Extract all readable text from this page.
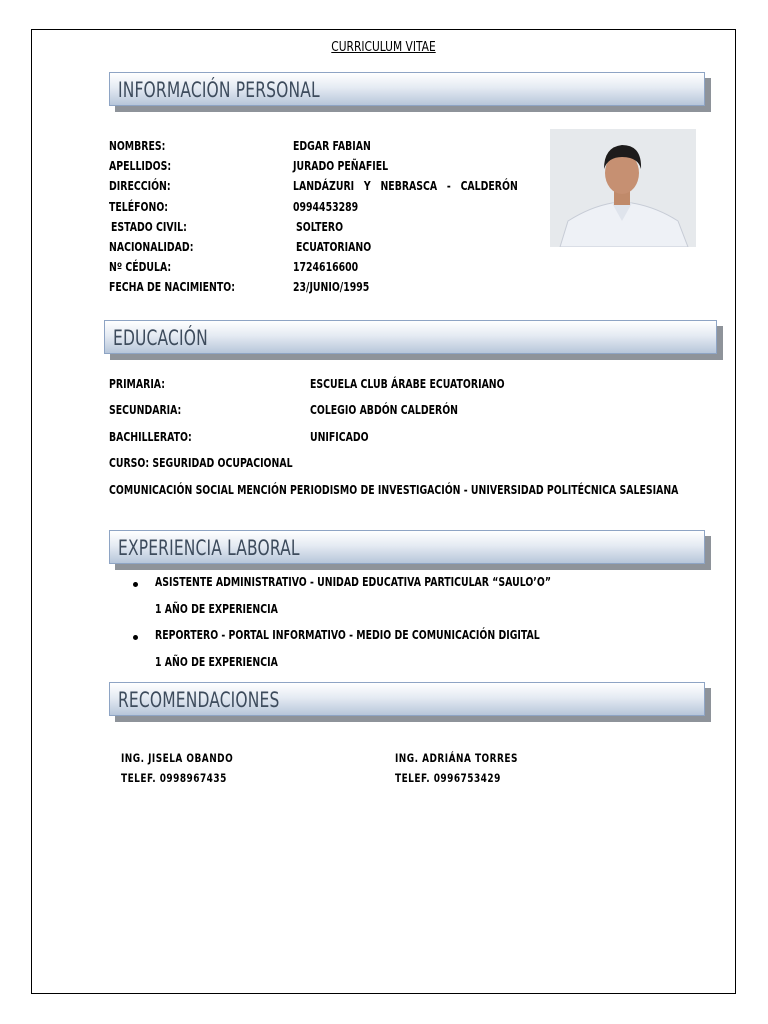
CURRICULUM VITAE
INFORMACIÓN PERSONAL
NOMBRES:	EDGAR FABIAN
APELLIDOS:	JURADO PEÑAFIEL
DIRECCIÓN:	LANDÁZURI   Y   NEBRASCA   -   CALDERÓN
TELÉFONO:	0994453289
ESTADO CIVIL:	SOLTERO
NACIONALIDAD:	ECUATORIANO
Nº CÉDULA:	1724616600
FECHA DE NACIMIENTO:	23/JUNIO/1995
EDUCACIÓN
PRIMARIA:	ESCUELA CLUB ÁRABE ECUATORIANO
SECUNDARIA:	COLEGIO ABDÓN CALDERÓN
BACHILLERATO:	UNIFICADO
CURSO: SEGURIDAD OCUPACIONAL
COMUNICACIÓN SOCIAL MENCIÓN PERIODISMO DE INVESTIGACIÓN - UNIVERSIDAD POLITÉCNICA SALESIANA
EXPERIENCIA LABORAL
ASISTENTE ADMINISTRATIVO - UNIDAD EDUCATIVA PARTICULAR “SAULO’O”
1 AÑO DE EXPERIENCIA
REPORTERO - PORTAL INFORMATIVO - MEDIO DE COMUNICACIÓN DIGITAL
1 AÑO DE EXPERIENCIA
RECOMENDACIONES
ING. JISELA OBANDO
TELEF. 0998967435
ING. ADRIÁNA TORRES
TELEF. 0996753429
